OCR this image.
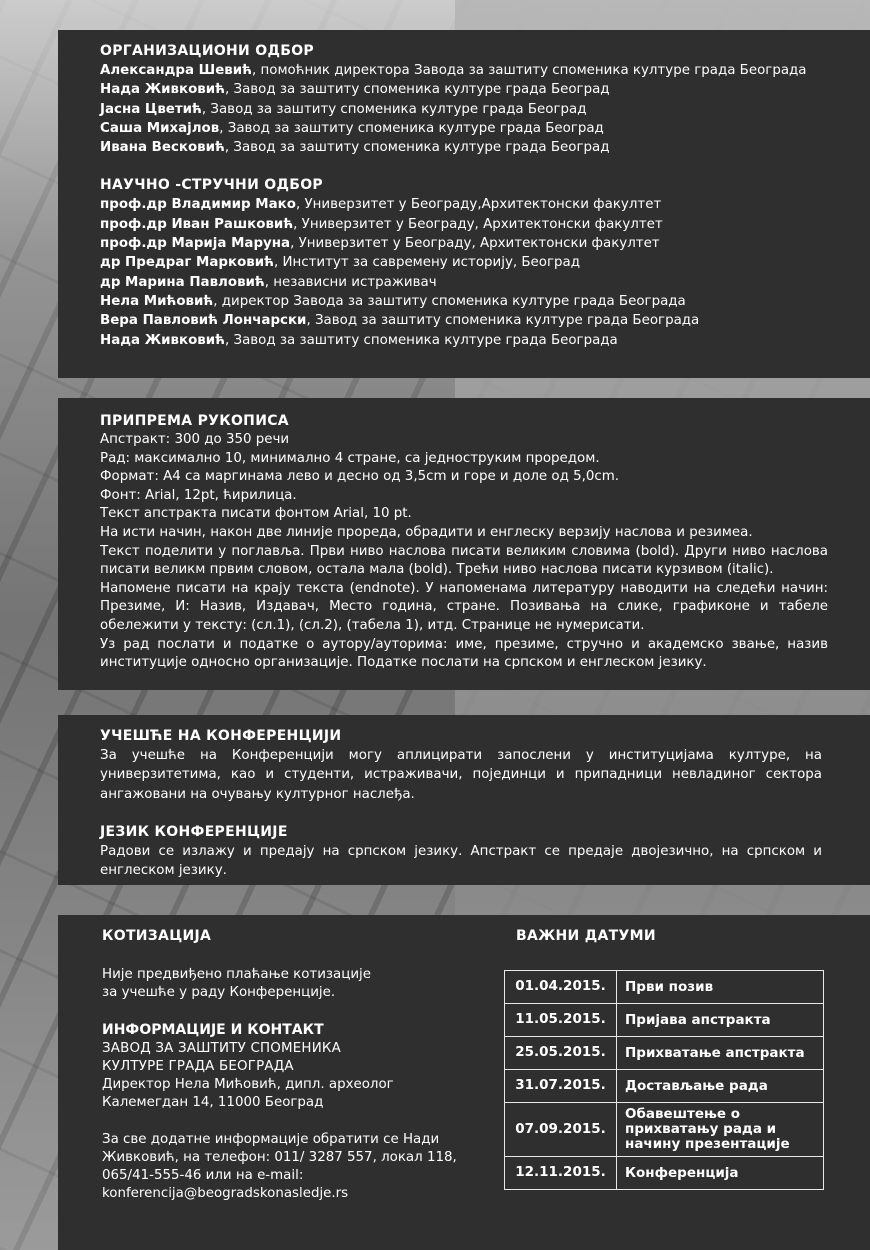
ОРГАНИЗАЦИОНИ ОДБОР
Александра Шевић, помоћник директора Завода за заштиту споменика културе града Београда
Нада Живковић, Завод за заштиту споменика културе града Београд
Јасна Цветић, Завод за заштиту споменика културе града Београд
Саша Михајлов, Завод за заштиту споменика културе града Београд
Ивана Весковић, Завод за заштиту споменика културе града Београд
НАУЧНО -СТРУЧНИ ОДБОР
проф.др Владимир Мако, Универзитет у Београду,Архитектонски факултет
проф.др Иван Рашковић, Универзитет у Београду, Архитектонски факултет
проф.др Марија Маруна, Универзитет у Београду, Архитектонски факултет
др Предраг Марковић, Институт за савремену историју, Београд
др Марина Павловић, независни истраживач
Нела Мићовић, директор Завода за заштиту споменика културе града Београда
Вера Павловић Лончарски, Завод за заштиту споменика културе града Београда
Нада Живковић, Завод за заштиту споменика културе града Београда
ПРИПРЕМА РУКОПИСА
Апстракт: 300 до 350 речи
Рад: максимално 10, минимално 4 стране, са једноструким проредом.
Формат: А4 са маргинама лево и десно од 3,5cm и горе и доле од 5,0cm.
Фонт: Arial, 12pt, ћирилица.
Текст апстракта писати фонтом Arial, 10 pt.
На исти начин, након две линије прореда, обрадити и енглеску верзију наслова и резимеа.
Текст поделити у поглавља. Први ниво наслова писати великим словима (bold). Други ниво наслова писати великм првим словом, остала мала (bold). Трећи ниво наслова писати курзивом (italic).
Напомене писати на крају текста (endnote). У напоменама литературу наводити на следећи начин: Презиме, И: Назив, Издавач, Место година, стране. Позивања на слике, графиконе и табеле обележити у тексту: (сл.1), (сл.2), (табела 1), итд. Странице не нумерисати.
Уз рад послати и податке о аутору/ауторима: име, презиме, стручно и академско звање, назив институције односно организације. Податке послати на српском и енглеском језику.
УЧЕШЋЕ НА КОНФЕРЕНЦИЈИ
За учешће на Конференцији могу аплицирати запослени у институцијама културе, на универзитетима, као и студенти, истраживачи, појединци и припадници невладиног сектора ангажовани на очувању културног наслеђа.
ЈЕЗИК КОНФЕРЕНЦИЈЕ
Радови се излажу и предају на српском језику. Апстракт се предаје двојезично, на српском и енглеском језику.
КОТИЗАЦИЈА
Није предвиђено плаћање котизације
за учешће у раду Конференције.
ИНФОРМАЦИЈЕ И КОНТАКТ
ЗАВОД ЗА ЗАШТИТУ СПОМЕНИКА
КУЛТУРЕ ГРАДА БЕОГРАДА
Директор Нела Мићовић, дипл. археолог
Калемегдан 14, 11000 Београд
За све додатне информације обратити се Нади
Живковић, на телефон: 011/ 3287 557, локал 118,
065/41-555-46 или на e-mail:
konferencija@beogradskonasledje.rs
ВАЖНИ ДАТУМИ
01.04.2015.	Први позив
11.05.2015.	Пријава апстракта
25.05.2015.	Прихватање апстракта
31.07.2015.	Достављање рада
07.09.2015.	Обавештење о прихватању рада и начину презентације
12.11.2015.	Конференција
